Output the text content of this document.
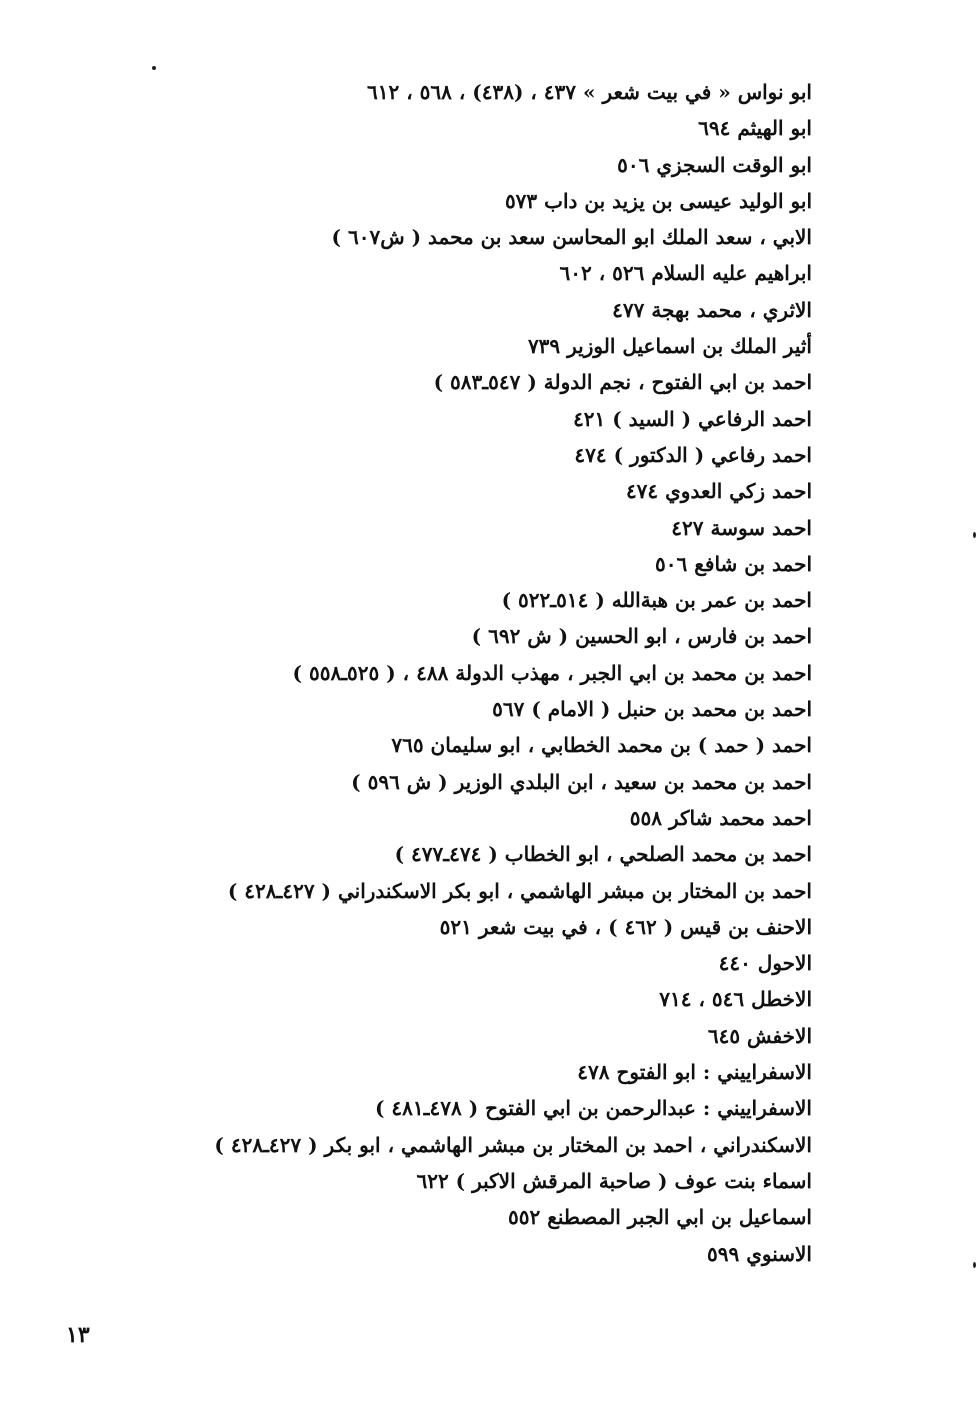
ابو نواس « في بيت شعر » ٤٣٧ ، (٤٣٨) ، ٥٦٨ ، ٦١٢
ابو الهيثم ٦٩٤
ابو الوقت السجزي ٥٠٦
ابو الوليد عيسى بن يزيد بن داب ٥٧٣
الابي ، سعد الملك ابو المحاسن سعد بن محمد ( ش٦٠٧ )
ابراهيم عليه السلام ٥٢٦ ، ٦٠٢
الاثري ، محمد بهجة ٤٧٧
أثير الملك بن اسماعيل الوزير ٧٣٩
احمد بن ابي الفتوح ، نجم الدولة ( ٥٤٧ـ٥٨٣ )
احمد الرفاعي ( السيد ) ٤٢١
احمد رفاعي ( الدكتور ) ٤٧٤
احمد زكي العدوي ٤٧٤
احمد سوسة ٤٢٧
احمد بن شافع ٥٠٦
احمد بن عمر بن هبةالله ( ٥١٤ـ٥٢٢ )
احمد بن فارس ، ابو الحسين ( ش ٦٩٢ )
احمد بن محمد بن ابي الجبر ، مهذب الدولة ٤٨٨ ، ( ٥٢٥ـ٥٥٨ )
احمد بن محمد بن حنبل ( الامام ) ٥٦٧
احمد ( حمد ) بن محمد الخطابي ، ابو سليمان ٧٦٥
احمد بن محمد بن سعيد ، ابن البلدي الوزير ( ش ٥٩٦ )
احمد محمد شاكر ٥٥٨
احمد بن محمد الصلحي ، ابو الخطاب ( ٤٧٤ـ٤٧٧ )
احمد بن المختار بن مبشر الهاشمي ، ابو بكر الاسكندراني ( ٤٢٧ـ٤٢٨ )
الاحنف بن قيس ( ٤٦٢ ) ، في بيت شعر ٥٢١
الاحول ٤٤٠
الاخطل ٥٤٦ ، ٧١٤
الاخفش ٦٤٥
الاسفراييني : ابو الفتوح ٤٧٨
الاسفراييني : عبدالرحمن بن ابي الفتوح ( ٤٧٨ـ٤٨١ )
الاسكندراني ، احمد بن المختار بن مبشر الهاشمي ، ابو بكر ( ٤٢٧ـ٤٢٨ )
اسماء بنت عوف ( صاحبة المرقش الاكبر ) ٦٢٢
اسماعيل بن ابي الجبر المصطنع ٥٥٢
الاسنوي ٥٩٩
١٣
